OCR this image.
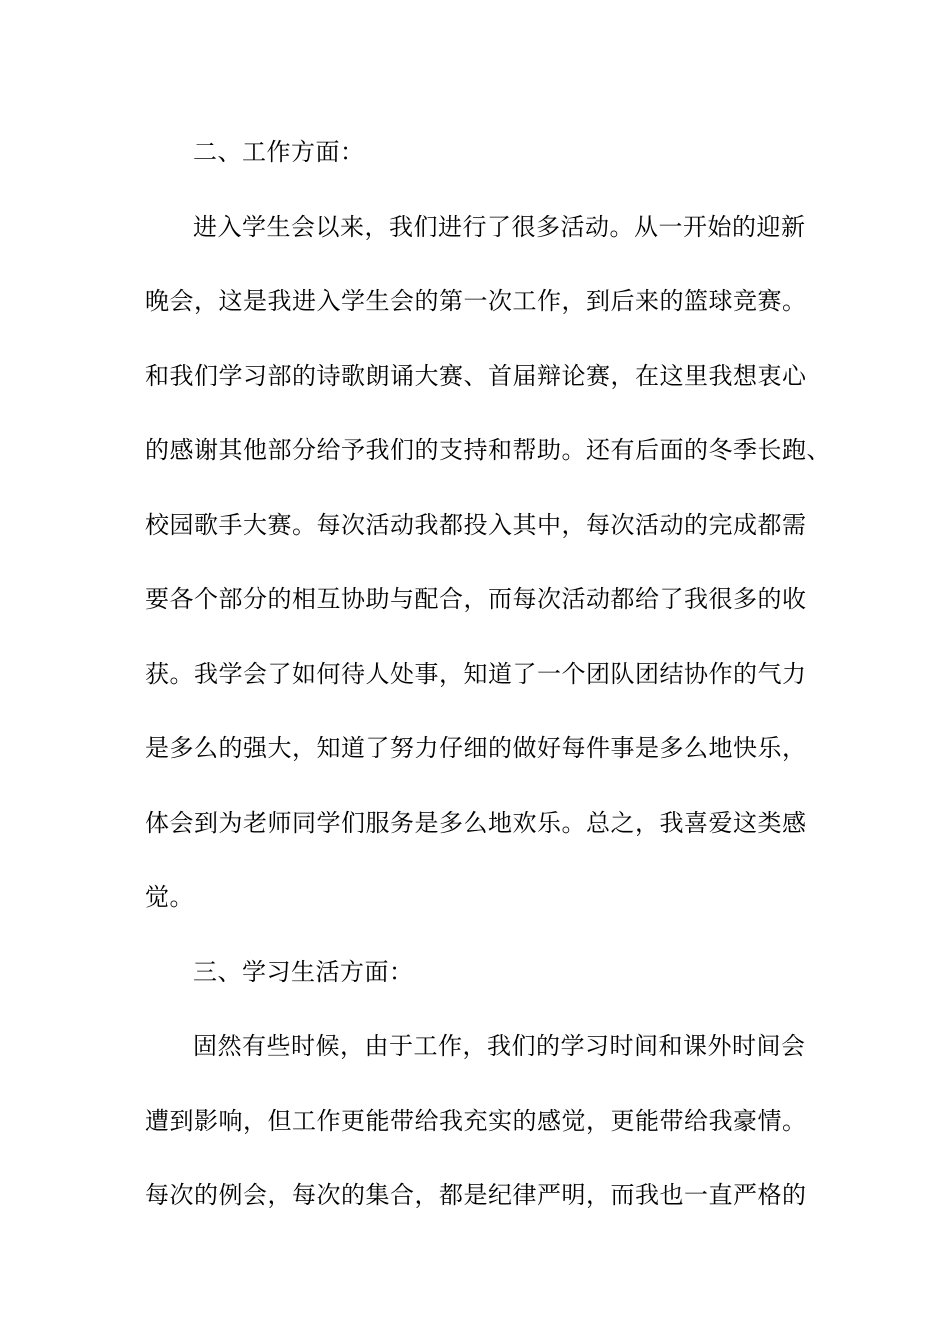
二、工作方面：
进入学生会以来，我们进行了很多活动。从一开始的迎新
晚会，这是我进入学生会的第一次工作，到后来的篮球竞赛。
和我们学习部的诗歌朗诵大赛、首届辩论赛，在这里我想衷心
的感谢其他部分给予我们的支持和帮助。还有后面的冬季长跑、
校园歌手大赛。每次活动我都投入其中，每次活动的完成都需
要各个部分的相互协助与配合，而每次活动都给了我很多的收
获。我学会了如何待人处事，知道了一个团队团结协作的气力
是多么的强大，知道了努力仔细的做好每件事是多么地快乐，
体会到为老师同学们服务是多么地欢乐。总之，我喜爱这类感
觉。
三、学习生活方面：
固然有些时候，由于工作，我们的学习时间和课外时间会
遭到影响，但工作更能带给我充实的感觉，更能带给我豪情。
每次的例会，每次的集合，都是纪律严明，而我也一直严格的
